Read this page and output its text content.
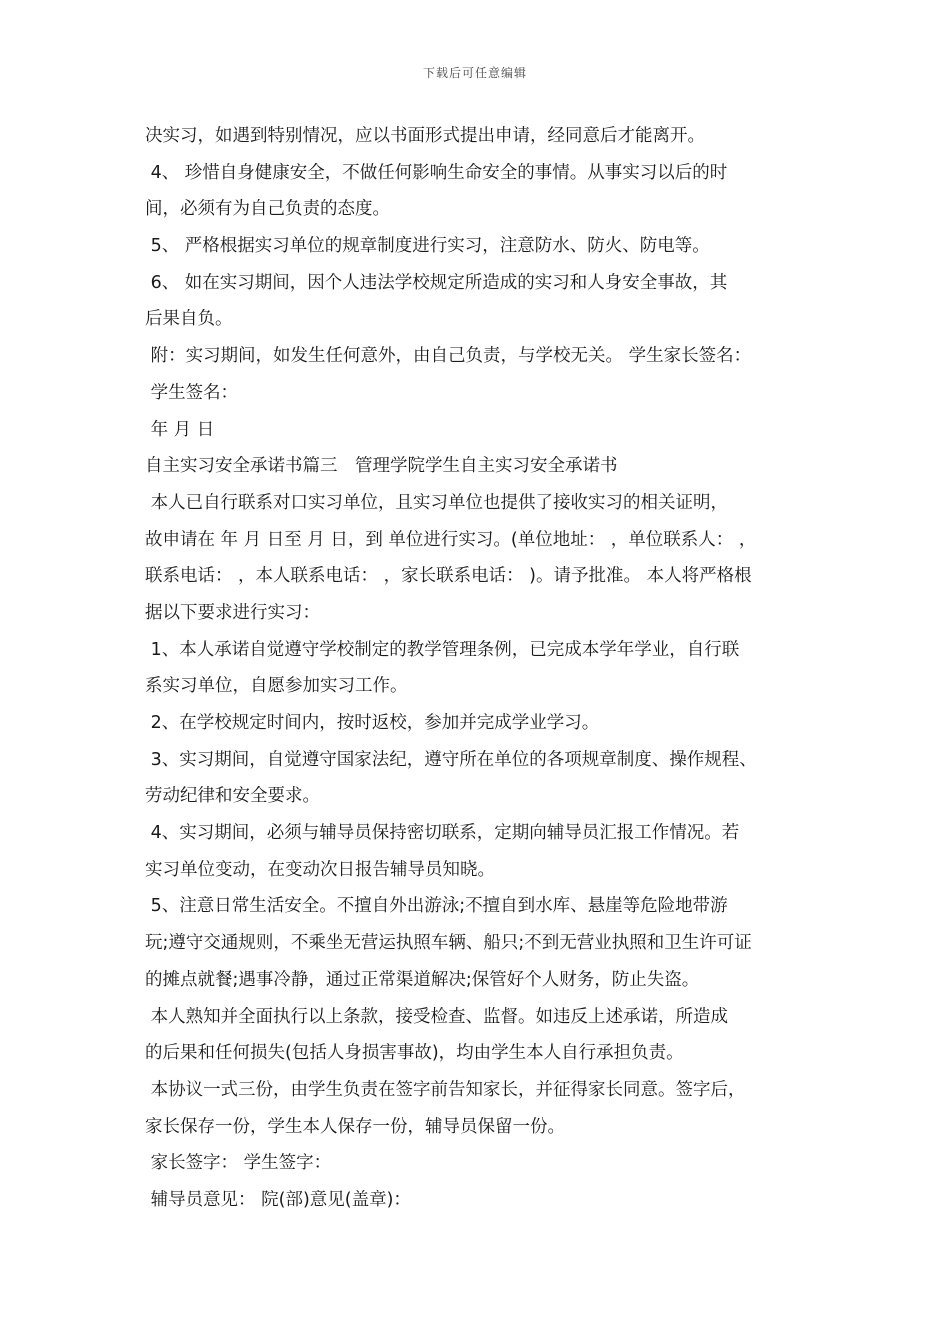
下载后可任意编辑
决实习，如遇到特别情况，应以书面形式提出申请，经同意后才能离开。
4、 珍惜自身健康安全，不做任何影响生命安全的事情。从事实习以后的时
间，必须有为自己负责的态度。
5、 严格根据实习单位的规章制度进行实习，注意防水、防火、防电等。
6、 如在实习期间，因个人违法学校规定所造成的实习和人身安全事故，其
后果自负。
附：实习期间，如发生任何意外，由自己负责，与学校无关。 学生家长签名：
学生签名：
年 月 日
自主实习安全承诺书篇三　管理学院学生自主实习安全承诺书
本人已自行联系对口实习单位，且实习单位也提供了接收实习的相关证明，
故申请在 年 月 日至 月 日，到 单位进行实习。(单位地址： ，单位联系人： ，
联系电话： ，本人联系电话： ，家长联系电话： )。请予批准。 本人将严格根
据以下要求进行实习：
1、本人承诺自觉遵守学校制定的教学管理条例，已完成本学年学业，自行联
系实习单位，自愿参加实习工作。
2、在学校规定时间内，按时返校，参加并完成学业学习。
3、实习期间，自觉遵守国家法纪，遵守所在单位的各项规章制度、操作规程、
劳动纪律和安全要求。
4、实习期间，必须与辅导员保持密切联系，定期向辅导员汇报工作情况。若
实习单位变动，在变动次日报告辅导员知晓。
5、注意日常生活安全。不擅自外出游泳;不擅自到水库、悬崖等危险地带游
玩;遵守交通规则，不乘坐无营运执照车辆、船只;不到无营业执照和卫生许可证
的摊点就餐;遇事冷静，通过正常渠道解决;保管好个人财务，防止失盗。
本人熟知并全面执行以上条款，接受检查、监督。如违反上述承诺，所造成
的后果和任何损失(包括人身损害事故)，均由学生本人自行承担负责。
本协议一式三份，由学生负责在签字前告知家长，并征得家长同意。签字后，
家长保存一份，学生本人保存一份，辅导员保留一份。
家长签字： 学生签字：
辅导员意见： 院(部)意见(盖章)：
